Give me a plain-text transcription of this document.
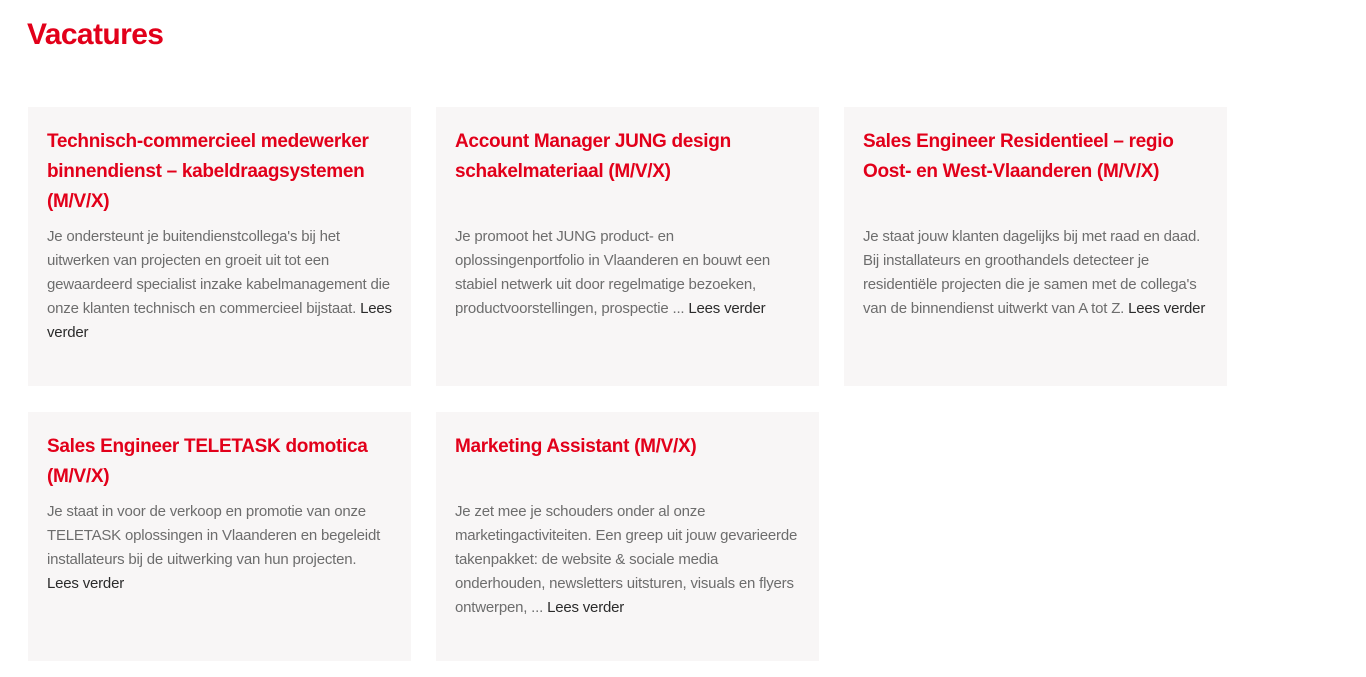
Vacatures
Technisch-commercieel medewerker binnendienst – kabeldraagsystemen (M/V/X)

Je ondersteunt je buitendienstcollega's bij het uitwerken van projecten en groeit uit tot een gewaardeerd specialist inzake kabelmanagement die onze klanten technisch en commercieel bijstaat. Lees verder

Account Manager JUNG design schakelmateriaal (M/V/X)

Je promoot het JUNG product- en oplossingenportfolio in Vlaanderen en bouwt een stabiel netwerk uit door regelmatige bezoeken, productvoorstellingen, prospectie ... Lees verder

Sales Engineer Residentieel – regio Oost- en West-Vlaanderen (M/V/X)

Je staat jouw klanten dagelijks bij met raad en daad. Bij installateurs en groothandels detecteer je residentiële projecten die je samen met de collega's van de binnendienst uitwerkt van A tot Z. Lees verder

Sales Engineer TELETASK domotica (M/V/X)

Je staat in voor de verkoop en promotie van onze TELETASK oplossingen in Vlaanderen en begeleidt installateurs bij de uitwerking van hun projecten. Lees verder

Marketing Assistant (M/V/X)

Je zet mee je schouders onder al onze marketingactiviteiten. Een greep uit jouw gevarieerde takenpakket: de website & sociale media onderhouden, newsletters uitsturen, visuals en flyers ontwerpen, ... Lees verder
